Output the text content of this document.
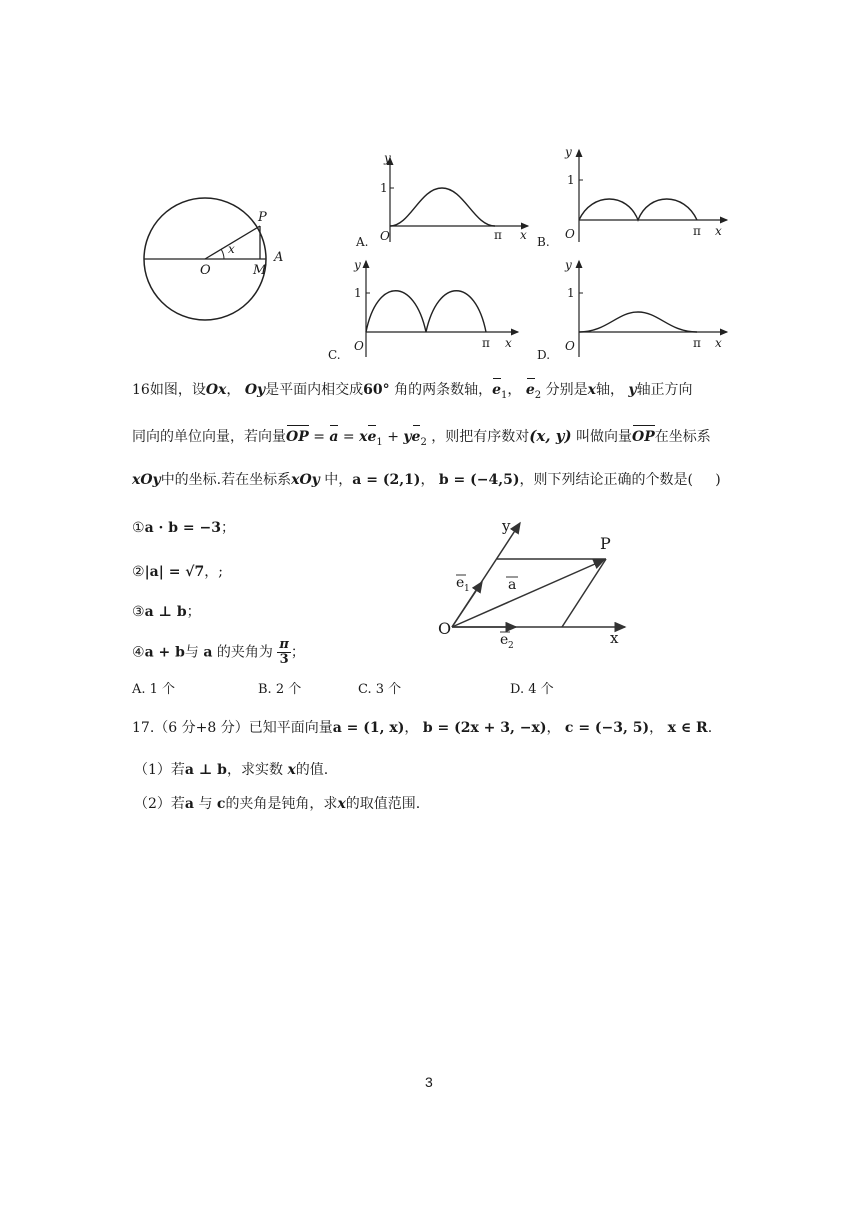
P
x
O	M
A
y
1
O	π x
A.
y
1
O	π x
B.
y
1
O	π x
C.
y
1
O	π x
D.
16如图，设Ox， Oy是平面内相交成60° 角的两条数轴，$e_1$， $e_2$ 分别是x轴， y轴正方向
同向的单位向量，若向量OP = $a = xe_1 + ye_2$ ，则把有序数对(x, y) 叫做向量OP在坐标系
xOy中的坐标.若在坐标系xOy 中，a = (2,1)， b = (−4,5)，则下列结论正确的个数是( )
①a · b = −3；
②|a| = √7，;
③a ⊥ b；
④a + b与 a 的夹角为 $\frac{\pi}{3}$ ；
A. 1 个	B. 2 个	C. 3 个	D. 4 个
y
P
e 1	a
O
e 2	x
17.（6 分+8 分）已知平面向量a = (1, x)， b = (2x + 3, −x)， c = (−3, 5)， x ∈ R.
（1）若a ⊥ b，求实数 x的值.
（2）若a 与 c的夹角是钝角，求x的取值范围.
3
